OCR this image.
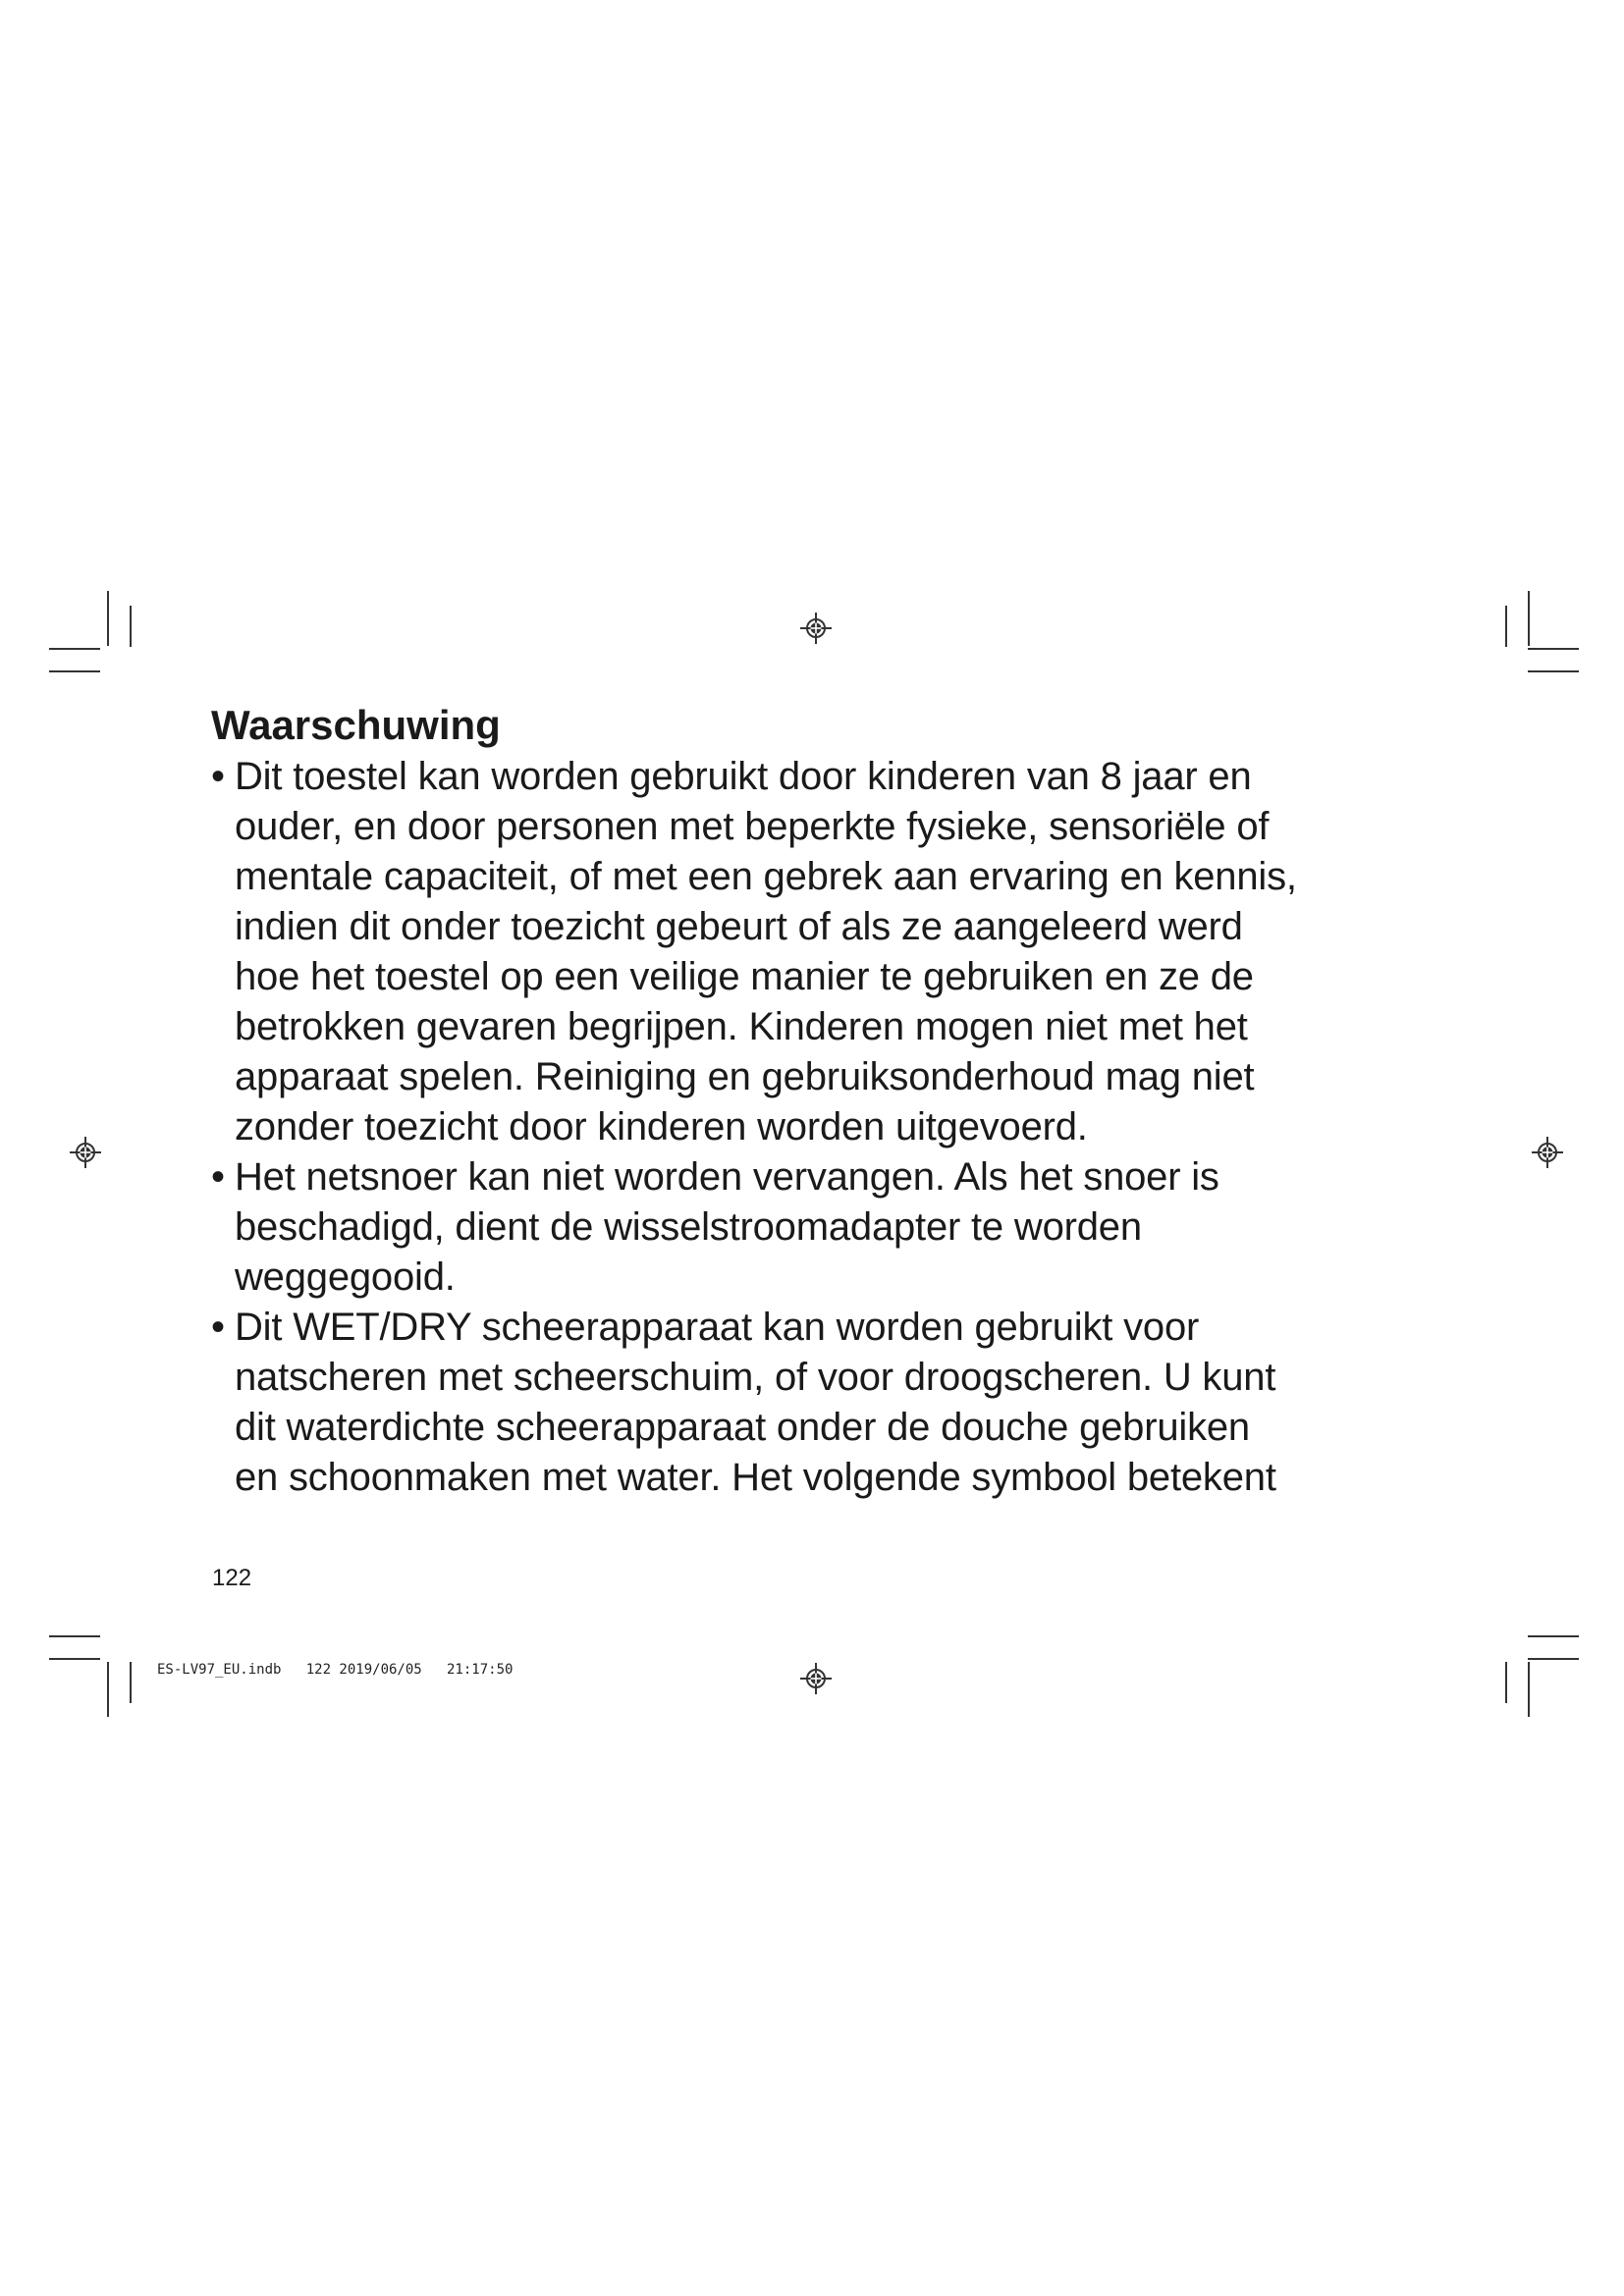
Waarschuwing
• Dit toestel kan worden gebruikt door kinderen van 8 jaar en
ouder, en door personen met beperkte fysieke, sensoriële of
mentale capaciteit, of met een gebrek aan ervaring en kennis,
indien dit onder toezicht gebeurt of als ze aangeleerd werd
hoe het toestel op een veilige manier te gebruiken en ze de
betrokken gevaren begrijpen. Kinderen mogen niet met het
apparaat spelen. Reiniging en gebruiksonderhoud mag niet
zonder toezicht door kinderen worden uitgevoerd.
• Het netsnoer kan niet worden vervangen. Als het snoer is
beschadigd, dient de wisselstroomadapter te worden
weggegooid.
• Dit WET/DRY scheerapparaat kan worden gebruikt voor
natscheren met scheerschuim, of voor droogscheren. U kunt
dit waterdichte scheerapparaat onder de douche gebruiken
en schoonmaken met water. Het volgende symbool betekent
122
ES-LV97_EU.indb   122 2019/06/05   21:17:50
